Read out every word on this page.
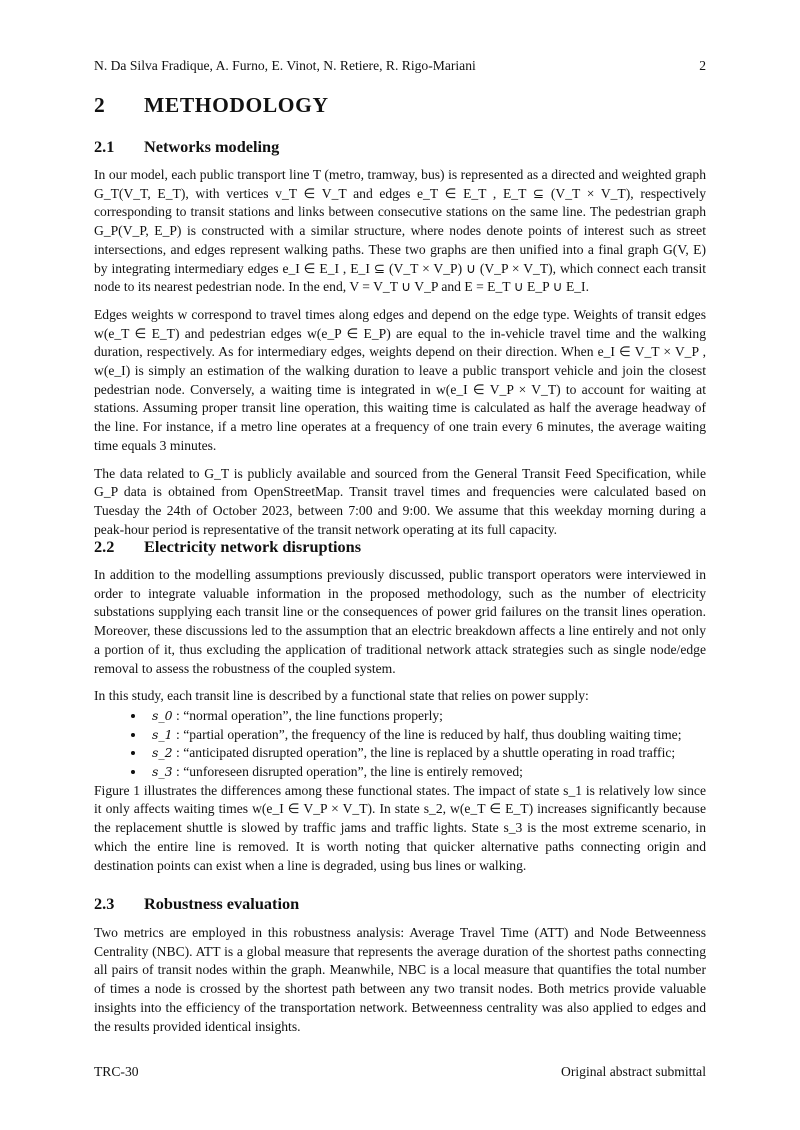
N. Da Silva Fradique, A. Furno, E. Vinot, N. Retiere, R. Rigo-Mariani	2
2	METHODOLOGY
2.1	Networks modeling

In our model, each public transport line T (metro, tramway, bus) is represented as a directed and weighted graph G_T(V_T, E_T), with vertices v_T ∈ V_T and edges e_T ∈ E_T , E_T ⊆ (V_T × V_T), respectively corresponding to transit stations and links between consecutive stations on the same line. The pedestrian graph G_P(V_P, E_P) is constructed with a similar structure, where nodes denote points of interest such as street intersections, and edges represent walking paths. These two graphs are then unified into a final graph G(V, E) by integrating intermediary edges e_I ∈ E_I , E_I ⊆ (V_T × V_P) ∪ (V_P × V_T), which connect each transit node to its nearest pedestrian node. In the end, V = V_T ∪ V_P and E = E_T ∪ E_P ∪ E_I.

Edges weights w correspond to travel times along edges and depend on the edge type. Weights of transit edges w(e_T ∈ E_T) and pedestrian edges w(e_P ∈ E_P) are equal to the in-vehicle travel time and the walking duration, respectively. As for intermediary edges, weights depend on their direction. When e_I ∈ V_T × V_P , w(e_I) is simply an estimation of the walking duration to leave a public transport vehicle and join the closest pedestrian node. Conversely, a waiting time is integrated in w(e_I ∈ V_P × V_T) to account for waiting at stations. Assuming proper transit line operation, this waiting time is calculated as half the average headway of the line. For instance, if a metro line operates at a frequency of one train every 6 minutes, the average waiting time equals 3 minutes.

The data related to G_T is publicly available and sourced from the General Transit Feed Specification, while G_P data is obtained from OpenStreetMap. Transit travel times and frequencies were calculated based on Tuesday the 24th of October 2023, between 7:00 and 9:00. We assume that this weekday morning during a peak-hour period is representative of the transit network operating at its full capacity.

2.2	Electricity network disruptions

In addition to the modelling assumptions previously discussed, public transport operators were interviewed in order to integrate valuable information in the proposed methodology, such as the number of electricity substations supplying each transit line or the consequences of power grid failures on the transit lines operation. Moreover, these discussions led to the assumption that an electric breakdown affects a line entirely and not only a portion of it, thus excluding the application of traditional network attack strategies such as single node/edge removal to assess the robustness of the coupled system.

In this study, each transit line is described by a functional state that relies on power supply:

• s_0 : “normal operation”, the line functions properly;
• s_1 : “partial operation”, the frequency of the line is reduced by half, thus doubling waiting time;
• s_2 : “anticipated disrupted operation”, the line is replaced by a shuttle operating in road traffic;
• s_3 : “unforeseen disrupted operation”, the line is entirely removed;

Figure 1 illustrates the differences among these functional states. The impact of state s_1 is relatively low since it only affects waiting times w(e_I ∈ V_P × V_T). In state s_2, w(e_T ∈ E_T) increases significantly because the replacement shuttle is slowed by traffic jams and traffic lights. State s_3 is the most extreme scenario, in which the entire line is removed. It is worth noting that quicker alternative paths connecting origin and destination points can exist when a line is degraded, using bus lines or walking.

2.3	Robustness evaluation

Two metrics are employed in this robustness analysis: Average Travel Time (ATT) and Node Betweenness Centrality (NBC). ATT is a global measure that represents the average duration of the shortest paths connecting all pairs of transit nodes within the graph. Meanwhile, NBC is a local measure that quantifies the total number of times a node is crossed by the shortest path between any two transit nodes. Both metrics provide valuable insights into the efficiency of the transportation network. Betweenness centrality was also applied to edges and the results provided identical insights.

TRC-30	Original abstract submittal
